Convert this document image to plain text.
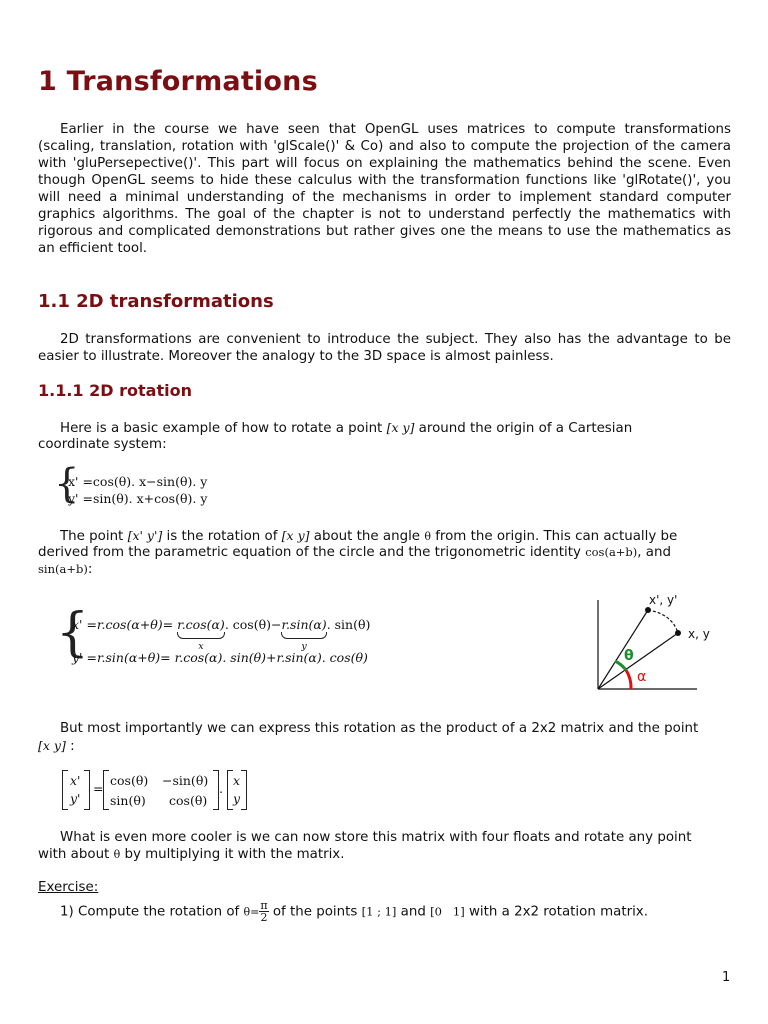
1 Transformations

Earlier in the course we have seen that OpenGL uses matrices to compute transformations (scaling, translation, rotation with 'glScale()' & Co) and also to compute the projection of the camera with 'gluPersepective()'. This part will focus on explaining the mathematics behind the scene. Even though OpenGL seems to hide these calculus with the transformation functions like 'glRotate()', you will need a minimal understanding of the mechanisms in order to implement standard computer graphics algorithms. The goal of the chapter is not to understand perfectly the mathematics with rigorous and complicated demonstrations but rather gives one the means to use the mathematics as an efficient tool.

1.1 2D transformations

2D transformations are convenient to introduce the subject. They also has the advantage to be easier to illustrate. Moreover the analogy to the 3D space is almost painless.

1.1.1 2D rotation
Here is a basic example of how to rotate a point [x y] around the origin of a Cartesian
coordinate system:
{
x' =cos(θ). x−sin(θ). y
y' =sin(θ). x+cos(θ). y
The point [x' y'] is the rotation of [x y] about the angle θ from the origin. This can actually be
derived from the parametric equation of the circle and the trigonometric identity cos(a+b), and
sin(a+b):
{
x' =r.cos(α+θ)= r.cos(α)
x
. cos(θ)−r.sin(α)
y
. sin(θ)
y' =r.sin(α+θ)= r.cos(α). sin(θ)+r.sin(α). cos(θ)
x', y'
x, y
θ
α
But most importantly we can express this rotation as the product of a 2x2 matrix and the point
[x y] :
x'
y'
=
cos(θ) −sin(θ)
sin(θ) cos(θ)
.
x
y
What is even more cooler is we can now store this matrix with four floats and rotate any point
with about θ by multiplying it with the matrix.
Exercise:
1) Compute the rotation of $\theta= \frac{\pi}{2}$ of the points [1 ; 1] and [0   1] with a 2x2 rotation matrix.
1
